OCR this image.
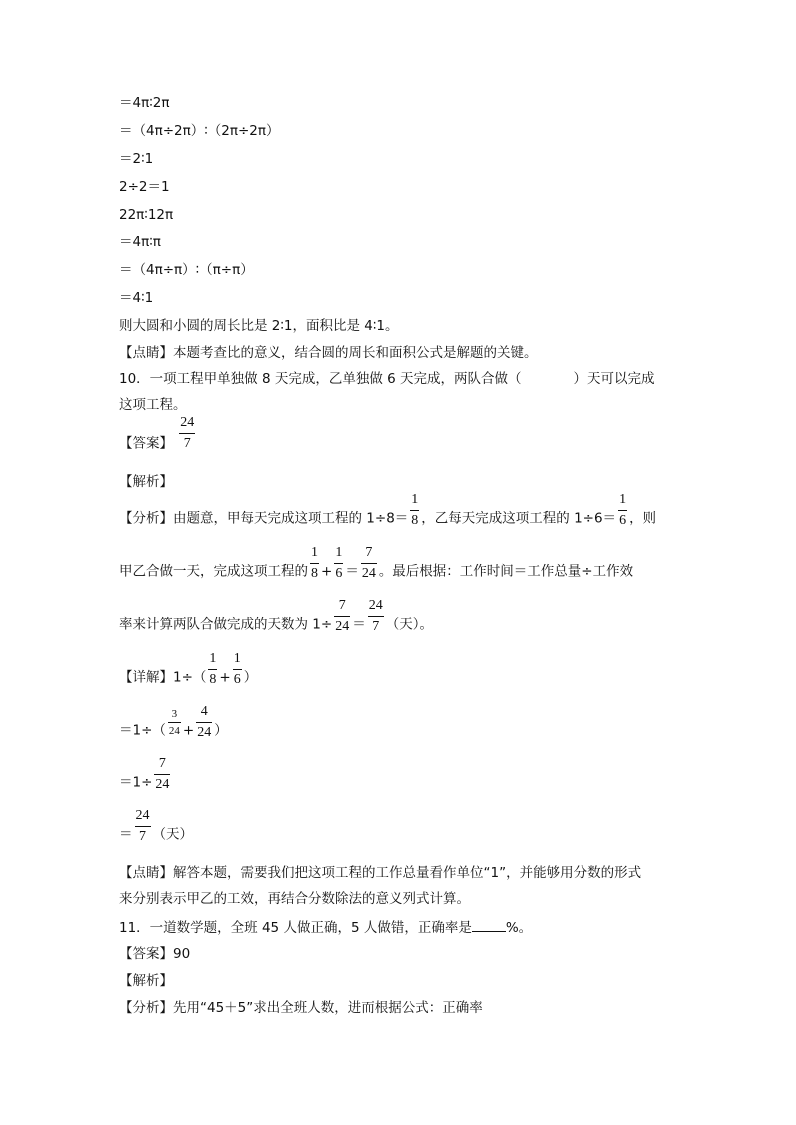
＝4π∶2π
＝（4π÷2π）∶（2π÷2π）
＝2∶1
2÷2＝1
22π∶12π
＝4π∶π
＝（4π÷π）∶（π÷π）
＝4∶1
则大圆和小圆的周长比是 2∶1，面积比是 4∶1。
【点睛】本题考查比的意义，结合圆的周长和面积公式是解题的关键。
10．一项工程甲单独做 8 天完成，乙单独做 6 天完成，两队合做（	）天可以完成
这项工程。
【答案】 $\frac{24}{7}$
【解析】
【分析】由题意，甲每天完成这项工程的 $1\div 8= \frac{1}{8}$ ，乙每天完成这项工程的 $1\div 6= \frac{1}{6}$ ，则
甲乙合做一天，完成这项工程的 $\frac{1}{8} + \frac{1}{6} = \frac{7}{24}$ 。最后根据：工作时间＝工作总量÷工作效
率来计算两队合做完成的天数为 $1\div \frac{7}{24} = \frac{24}{7}$ （天）。
【详解】$1\div( \frac{1}{8} + \frac{1}{6}$ ）
$=1\div( \frac{3}{24} + \frac{4}{24}$ ）
$=1\div \frac{7}{24}$
＝ $\frac{24}{7}$ （天）
【点睛】解答本题，需要我们把这项工程的工作总量看作单位“1”，并能够用分数的形式
来分别表示甲乙的工效，再结合分数除法的意义列式计算。
11．一道数学题，全班 45 人做正确，5 人做错，正确率是	%。
【答案】90
【解析】
【分析】先用“45＋5”求出全班人数，进而根据公式：正确率
